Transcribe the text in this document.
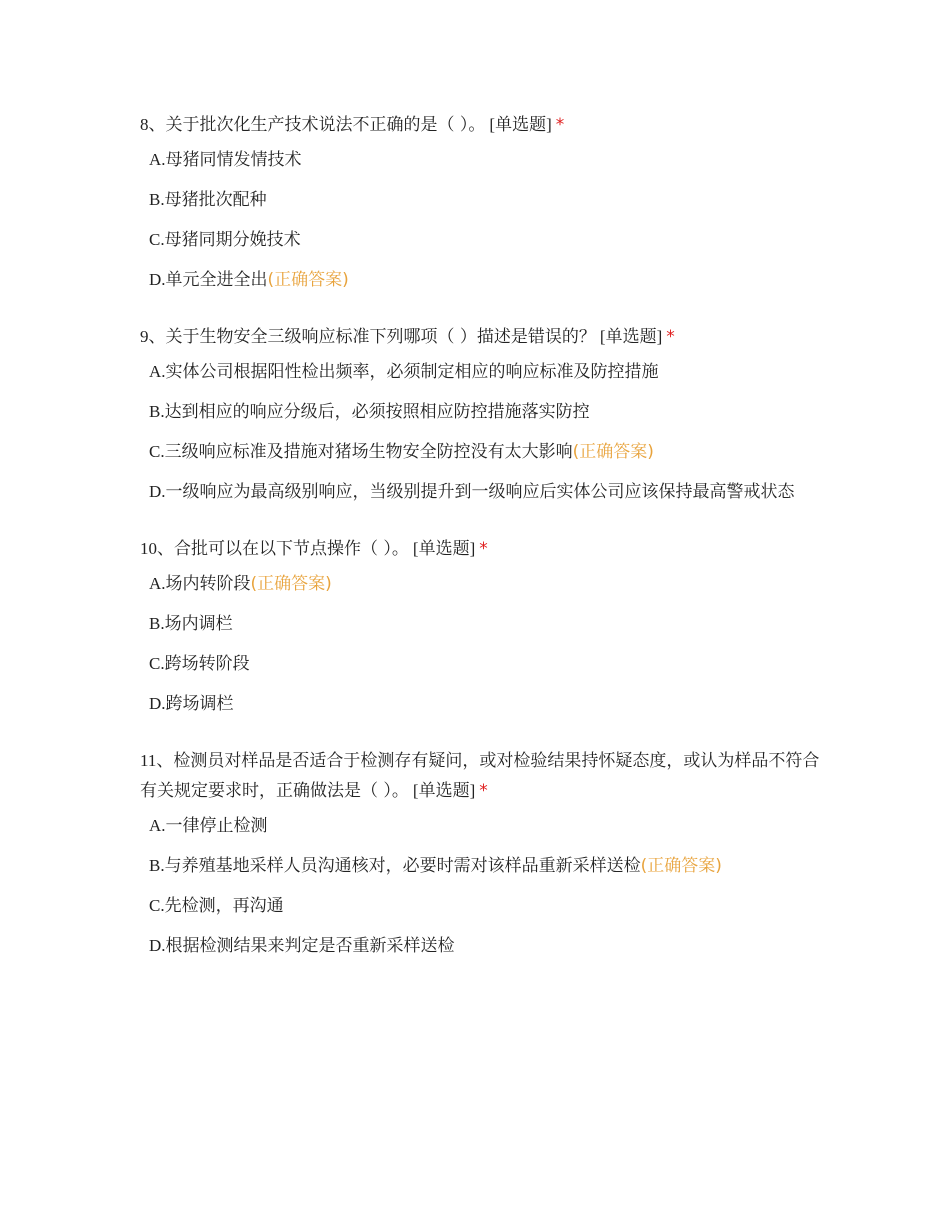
8、关于批次化生产技术说法不正确的是（ ）。 [单选题] *

A.母猪同情发情技术
B.母猪批次配种
C.母猪同期分娩技术
D.单元全进全出(正确答案)

9、关于生物安全三级响应标准下列哪项（ ）描述是错误的？ [单选题] *

A.实体公司根据阳性检出频率，必须制定相应的响应标准及防控措施
B.达到相应的响应分级后，必须按照相应防控措施落实防控
C.三级响应标准及措施对猪场生物安全防控没有太大影响(正确答案)
D.一级响应为最高级别响应，当级别提升到一级响应后实体公司应该保持最高警戒状态

10、合批可以在以下节点操作（ ）。 [单选题] *

A.场内转阶段(正确答案)
B.场内调栏
C.跨场转阶段
D.跨场调栏

11、检测员对样品是否适合于检测存有疑问，或对检验结果持怀疑态度，或认为样品不符合有关规定要求时，正确做法是（ ）。 [单选题] *

A.一律停止检测
B.与养殖基地采样人员沟通核对，必要时需对该样品重新采样送检(正确答案)
C.先检测，再沟通
D.根据检测结果来判定是否重新采样送检
